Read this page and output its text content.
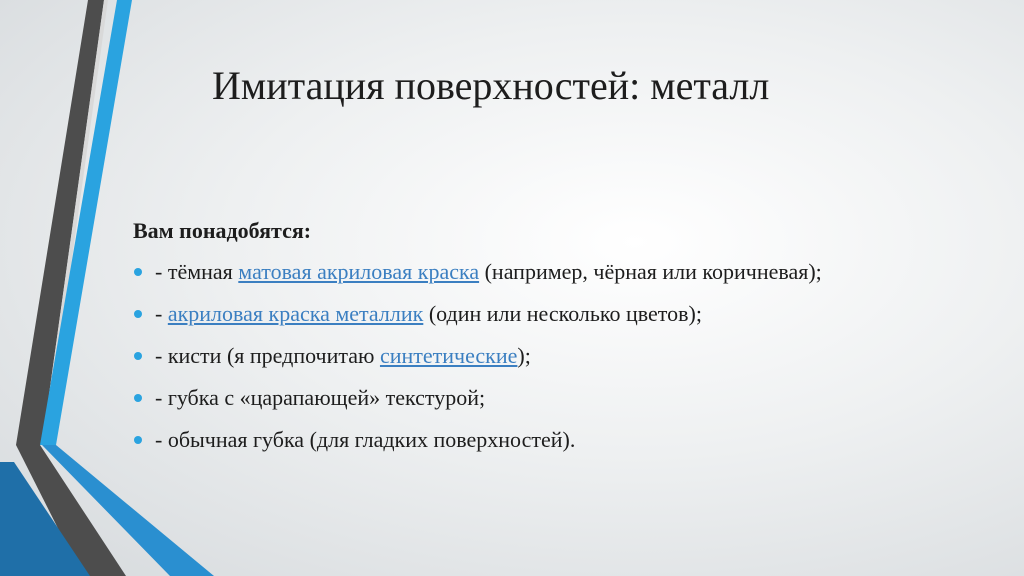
Имитация поверхностей: металл
Вам понадобятся:
- тёмная матовая акриловая краска (например, чёрная или коричневая);
- акриловая краска металлик (один или несколько цветов);
- кисти (я предпочитаю синтетические);
- губка с «царапающей» текстурой;
- обычная губка (для гладких поверхностей).
